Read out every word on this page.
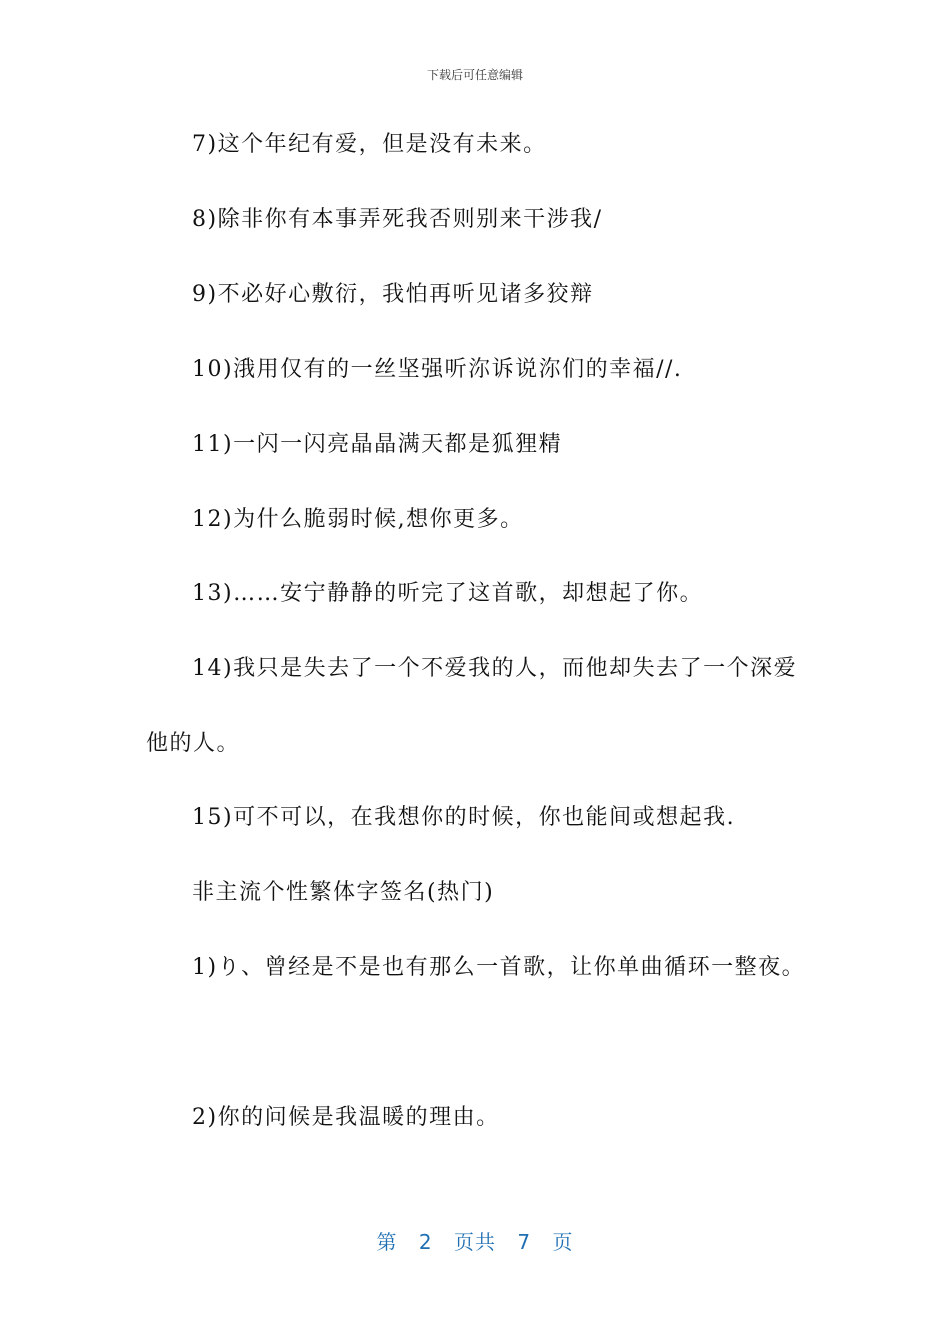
下载后可任意编辑
7)这个年纪有爱，但是没有未来。
8)除非你有本事弄死我否则别来干涉我/
9)不必好心敷衍，我怕再听见诸多狡辩
10)涐用仅有的一丝坚强听沵诉说沵们的幸福//.
11)一闪一闪亮晶晶满天都是狐狸精
12)为什么脆弱时候,想你更多。
13)……安宁静静的听完了这首歌，却想起了你。
14)我只是失去了一个不爱我的人，而他却失去了一个深爱
他的人。
15)可不可以，在我想你的时候，你也能间或想起我.
非主流个性繁体字签名(热门)
1)り、曾经是不是也有那么一首歌，让你单曲循环一整夜。
2)你的问候是我温暖的理由。
第 2 页共 7 页
